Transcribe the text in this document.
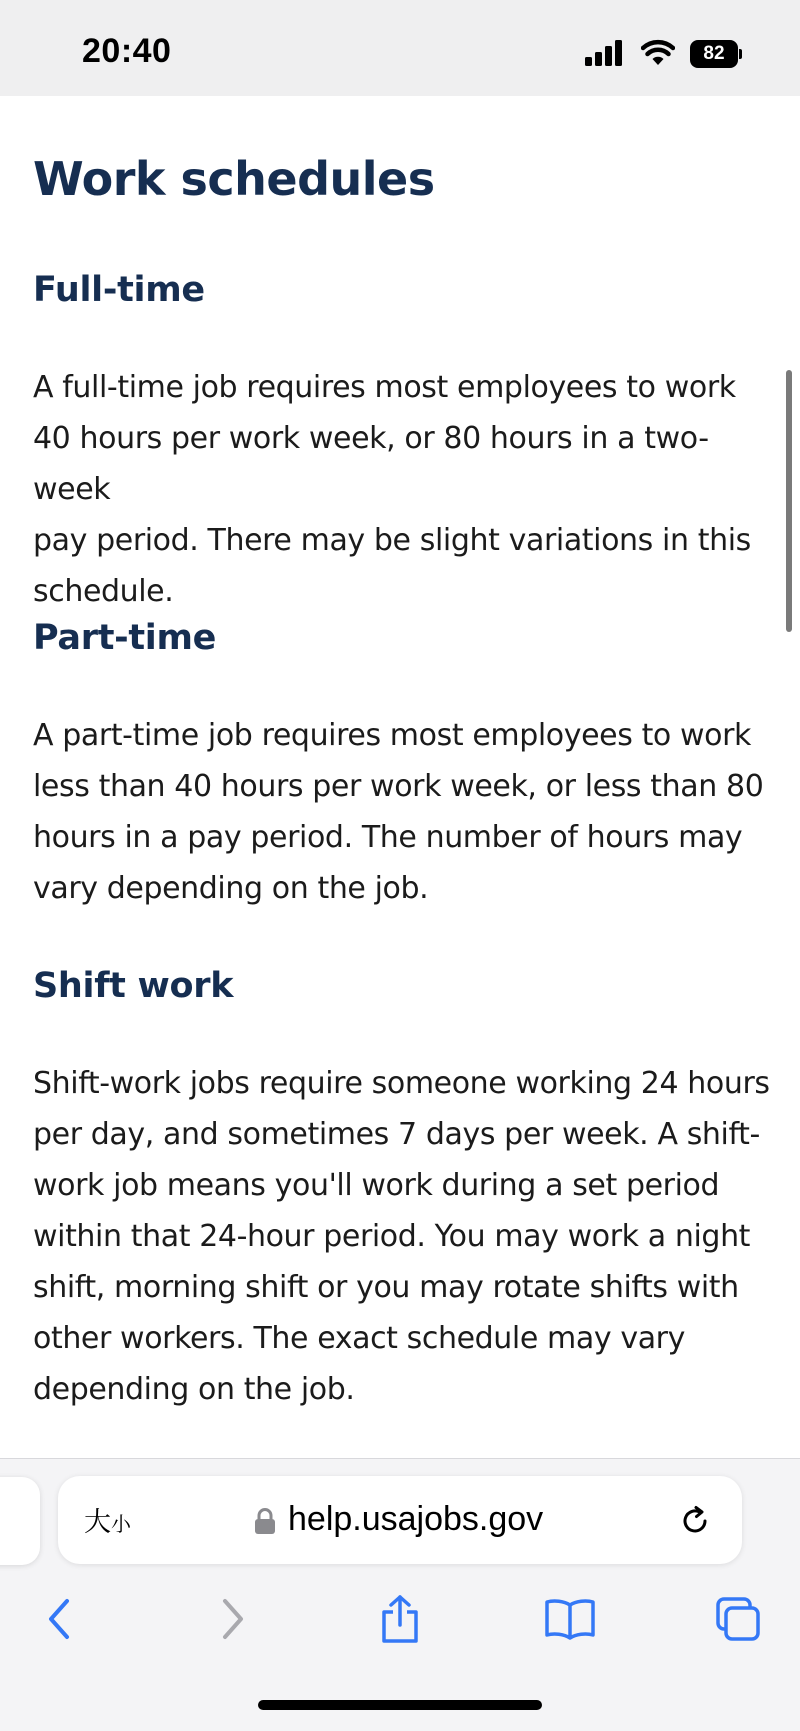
20:40	82
Work schedules
Full-time
A full-time job requires most employees to work
40 hours per work week, or 80 hours in a two-week
pay period. There may be slight variations in this
schedule.
Part-time
A part-time job requires most employees to work
less than 40 hours per work week, or less than 80
hours in a pay period. The number of hours may
vary depending on the job.
Shift work
Shift-work jobs require someone working 24 hours
per day, and sometimes 7 days per week. A shift-
work job means you'll work during a set period
within that 24-hour period. You may work a night
shift, morning shift or you may rotate shifts with
other workers. The exact schedule may vary
depending on the job.
大小	help.usajobs.gov
